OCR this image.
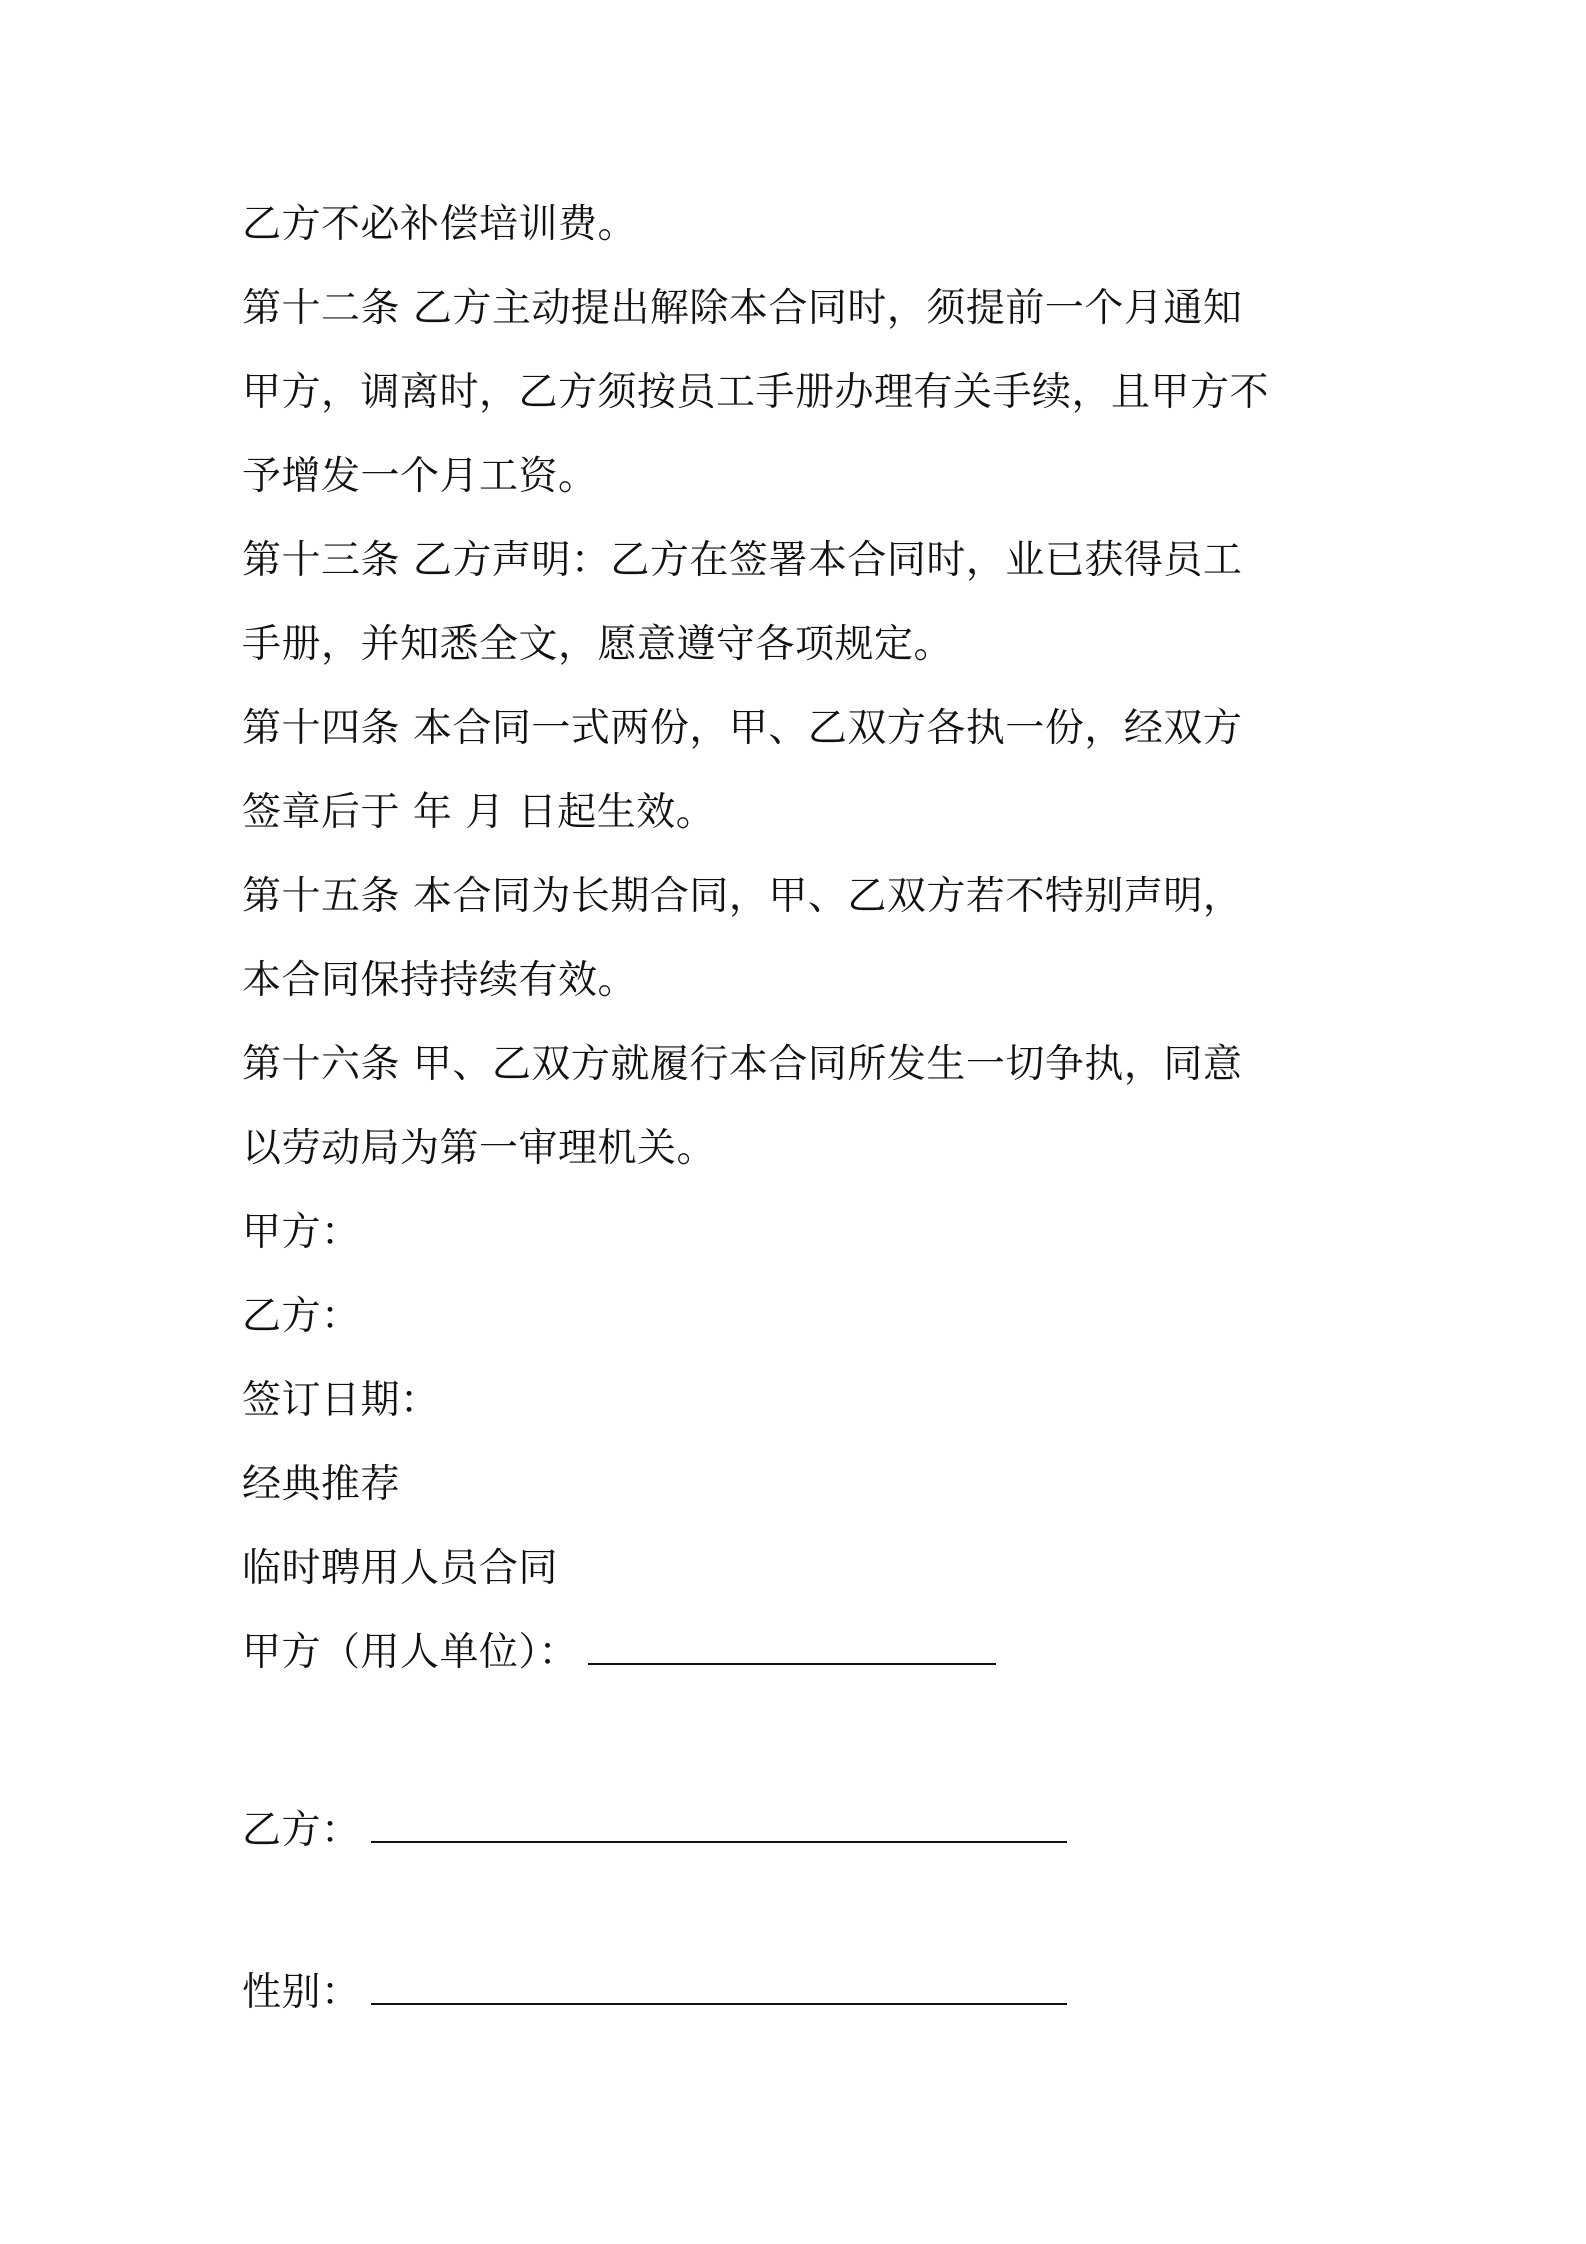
乙方不必补偿培训费。
第十二条 乙方主动提出解除本合同时，须提前一个月通知
甲方，调离时，乙方须按员工手册办理有关手续，且甲方不
予增发一个月工资。
第十三条 乙方声明：乙方在签署本合同时，业已获得员工
手册，并知悉全文，愿意遵守各项规定。
第十四条 本合同一式两份，甲、乙双方各执一份，经双方
签章后于 年 月 日起生效。
第十五条 本合同为长期合同，甲、乙双方若不特别声明，
本合同保持持续有效。
第十六条 甲、乙双方就履行本合同所发生一切争执，同意
以劳动局为第一审理机关。
甲方：
乙方：
签订日期：
经典推荐
临时聘用人员合同
甲方（用人单位）：
乙方：
性别：
